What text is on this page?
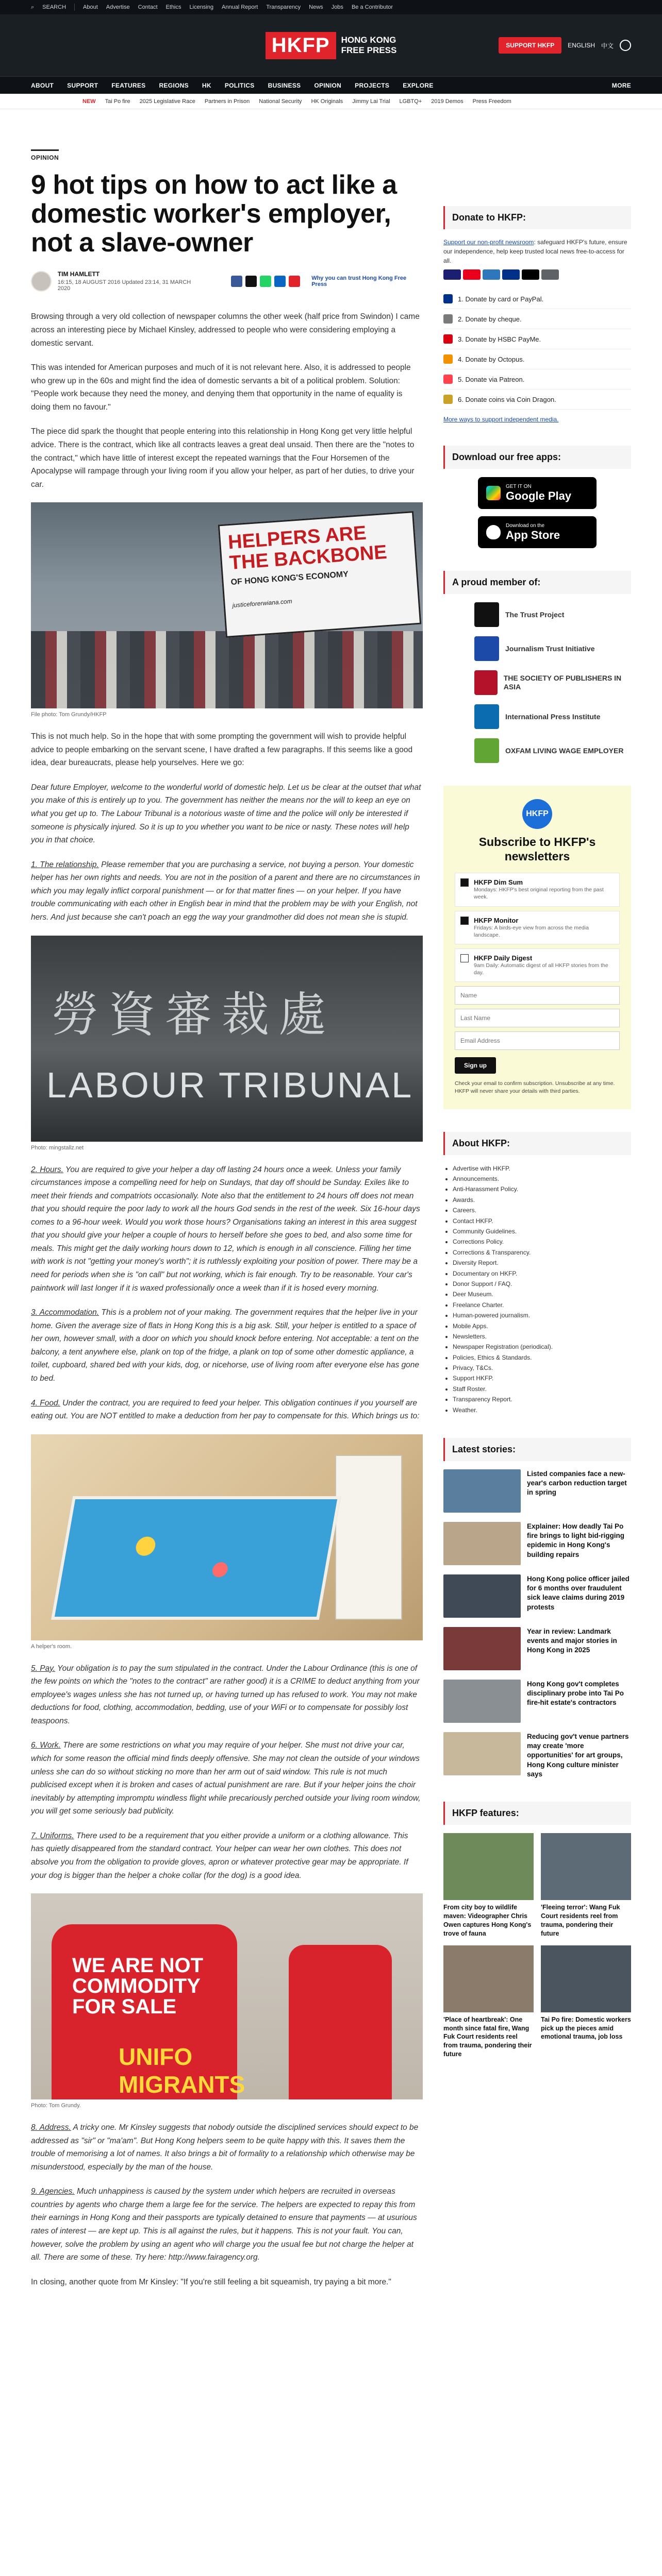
⌕ SEARCH	About Advertise Contact Ethics Licensing Annual Report Transparency News Jobs Be a Contributor
HKFP	HONG KONG
FREE PRESS	SUPPORT HKFP	ENGLISH 中文
ABOUT SUPPORT FEATURES REGIONS HK POLITICS BUSINESS OPINION PROJECTS EXPLORE	MORE
NEW Tai Po fire 2025 Legislative Race Partners in Prison National Security HK Originals Jimmy Lai Trial LGBTQ+ 2019 Demos Press Freedom
OPINION
9 hot tips on how to act like a domestic worker's employer, not a slave-owner
TIM HAMLETT
16:15, 18 AUGUST 2016 Updated 23:14, 31 MARCH 2020
Why you can trust Hong Kong Free Press

Browsing through a very old collection of newspaper columns the other week (half price from Swindon) I came across an interesting piece by Michael Kinsley, addressed to people who were considering employing a domestic servant.

This was intended for American purposes and much of it is not relevant here. Also, it is addressed to people who grew up in the 60s and might find the idea of domestic servants a bit of a political problem. Solution: "People work because they need the money, and denying them that opportunity in the name of equality is doing them no favour."

The piece did spark the thought that people entering into this relationship in Hong Kong get very little helpful advice. There is the contract, which like all contracts leaves a great deal unsaid. Then there are the "notes to the contract," which have little of interest except the repeated warnings that the Four Horsemen of the Apocalypse will rampage through your living room if you allow your helper, as part of her duties, to drive your car.

HELPERS ARE THE BACKBONE
OF HONG KONG'S ECONOMY
justiceforerwiana.com
File photo: Tom Grundy/HKFP

This is not much help. So in the hope that with some prompting the government will wish to provide helpful advice to people embarking on the servant scene, I have drafted a few paragraphs. If this seems like a good idea, dear bureaucrats, please help yourselves. Here we go:

Dear future Employer, welcome to the wonderful world of domestic help. Let us be clear at the outset that what you make of this is entirely up to you. The government has neither the means nor the will to keep an eye on what you get up to. The Labour Tribunal is a notorious waste of time and the police will only be interested if someone is physically injured. So it is up to you whether you want to be nice or nasty. These notes will help you in that choice.

1. The relationship. Please remember that you are purchasing a service, not buying a person. Your domestic helper has her own rights and needs. You are not in the position of a parent and there are no circumstances in which you may legally inflict corporal punishment — or for that matter fines — on your helper. If you have trouble communicating with each other in English bear in mind that the problem may be with your English, not hers. And just because she can't poach an egg the way your grandmother did does not mean she is stupid.

勞資審裁處
LABOUR TRIBUNAL
Photo: mingstallz.net

2. Hours. You are required to give your helper a day off lasting 24 hours once a week. Unless your family circumstances impose a compelling need for help on Sundays, that day off should be Sunday. Exiles like to meet their friends and compatriots occasionally. Note also that the entitlement to 24 hours off does not mean that you should require the poor lady to work all the hours God sends in the rest of the week. Six 16-hour days comes to a 96-hour week. Would you work those hours? Organisations taking an interest in this area suggest that you should give your helper a couple of hours to herself before she goes to bed, and also some time for meals. This might get the daily working hours down to 12, which is enough in all conscience. Filling her time with work is not "getting your money's worth"; it is ruthlessly exploiting your position of power. There may be a need for periods when she is "on call" but not working, which is fair enough. Try to be reasonable. Your car's paintwork will last longer if it is waxed professionally once a week than if it is hosed every morning.

3. Accommodation. This is a problem not of your making. The government requires that the helper live in your home. Given the average size of flats in Hong Kong this is a big ask. Still, your helper is entitled to a space of her own, however small, with a door on which you should knock before entering. Not acceptable: a tent on the balcony, a tent anywhere else, plank on top of the fridge, a plank on top of some other domestic appliance, a toilet, cupboard, shared bed with your kids, dog, or nicehorse, use of living room after everyone else has gone to bed.

4. Food. Under the contract, you are required to feed your helper. This obligation continues if you yourself are eating out. You are NOT entitled to make a deduction from her pay to compensate for this. Which brings us to:

A helper's room.

5. Pay. Your obligation is to pay the sum stipulated in the contract. Under the Labour Ordinance (this is one of the few points on which the "notes to the contract" are rather good) it is a CRIME to deduct anything from your employee's wages unless she has not turned up, or having turned up has refused to work. You may not make deductions for food, clothing, accommodation, bedding, use of your WiFi or to compensate for possibly lost teaspoons.

6. Work. There are some restrictions on what you may require of your helper. She must not drive your car, which for some reason the official mind finds deeply offensive. She may not clean the outside of your windows unless she can do so without sticking no more than her arm out of said window. This rule is not much publicised except when it is broken and cases of actual punishment are rare. But if your helper joins the choir inevitably by attempting impromptu windless flight while precariously perched outside your living room window, you will get some seriously bad publicity.

7. Uniforms. There used to be a requirement that you either provide a uniform or a clothing allowance. This has quietly disappeared from the standard contract. Your helper can wear her own clothes. This does not absolve you from the obligation to provide gloves, apron or whatever protective gear may be appropriate. If your dog is bigger than the helper a choke collar (for the dog) is a good idea.

WE ARE NOT COMMODITY FOR SALE
UNIFO MIGRANTS
Photo: Tom Grundy.

8. Address. A tricky one. Mr Kinsley suggests that nobody outside the disciplined services should expect to be addressed as "sir" or "ma'am". But Hong Kong helpers seem to be quite happy with this. It saves them the trouble of memorising a lot of names. It also brings a bit of formality to a relationship which otherwise may be misunderstood, especially by the man of the house.

9. Agencies. Much unhappiness is caused by the system under which helpers are recruited in overseas countries by agents who charge them a large fee for the service. The helpers are expected to repay this from their earnings in Hong Kong and their passports are typically detained to ensure that payments — at usurious rates of interest — are kept up. This is all against the rules, but it happens. This is not your fault. You can, however, solve the problem by using an agent who will charge you the usual fee but not charge the helper at all. There are some of these. Try here: http://www.fairagency.org.

In closing, another quote from Mr Kinsley: "If you're still feeling a bit squeamish, try paying a bit more."

Donate to HKFP:

Support our non-profit newsroom: safeguard HKFP's future, ensure our independence, help keep trusted local news free-to-access for all.

1. Donate by card or PayPal.
2. Donate by cheque.
3. Donate by HSBC PayMe.
4. Donate by Octopus.
5. Donate via Patreon.
6. Donate coins via Coin Dragon.
More ways to support independent media.
Download our free apps:
GET IT ON
Google Play
Download on the
App Store
A proud member of:
The Trust Project
Journalism Trust Initiative
THE SOCIETY OF PUBLISHERS IN ASIA
International Press Institute
OXFAM LIVING WAGE EMPLOYER
HKFP
Subscribe to HKFP's newsletters
HKFP Dim Sum
Mondays: HKFP's best original reporting from the past week.
HKFP Monitor
Fridays: A birds-eye view from across the media landscape.
HKFP Daily Digest
9am Daily: Automatic digest of all HKFP stories from the day.
Name Last Name Email Address
Sign up

Check your email to confirm subscription. Unsubscribe at any time. HKFP will never share your details with third parties.

About HKFP:
• Advertise with HKFP.
• Announcements.
• Anti-Harassment Policy.
• Awards.
• Careers.
• Contact HKFP.
• Community Guidelines.
• Corrections Policy.
• Corrections & Transparency.
• Diversity Report.
• Documentary on HKFP.
• Donor Support / FAQ.
• Deer Museum.
• Freelance Charter.
• Human-powered journalism.
• Mobile Apps.
• Newsletters.
• Newspaper Registration (periodical).
• Policies, Ethics & Standards.
• Privacy, T&Cs.
• Support HKFP.
• Staff Roster.
• Transparency Report.
• Weather.
Latest stories:
Listed companies face a new-year's carbon reduction target in spring
Explainer: How deadly Tai Po fire brings to light bid-rigging epidemic in Hong Kong's building repairs
Hong Kong police officer jailed for 6 months over fraudulent sick leave claims during 2019 protests
Year in review: Landmark events and major stories in Hong Kong in 2025
Hong Kong gov't completes disciplinary probe into Tai Po fire-hit estate's contractors
Reducing gov't venue partners may create 'more opportunities' for art groups, Hong Kong culture minister says
HKFP features:
From city boy to wildlife maven: Videographer Chris Owen captures Hong Kong's trove of fauna
'Fleeing terror': Wang Fuk Court residents reel from trauma, pondering their future
'Place of heartbreak': One month since fatal fire, Wang Fuk Court residents reel from trauma, pondering their future
Tai Po fire: Domestic workers pick up the pieces amid emotional trauma, job loss
